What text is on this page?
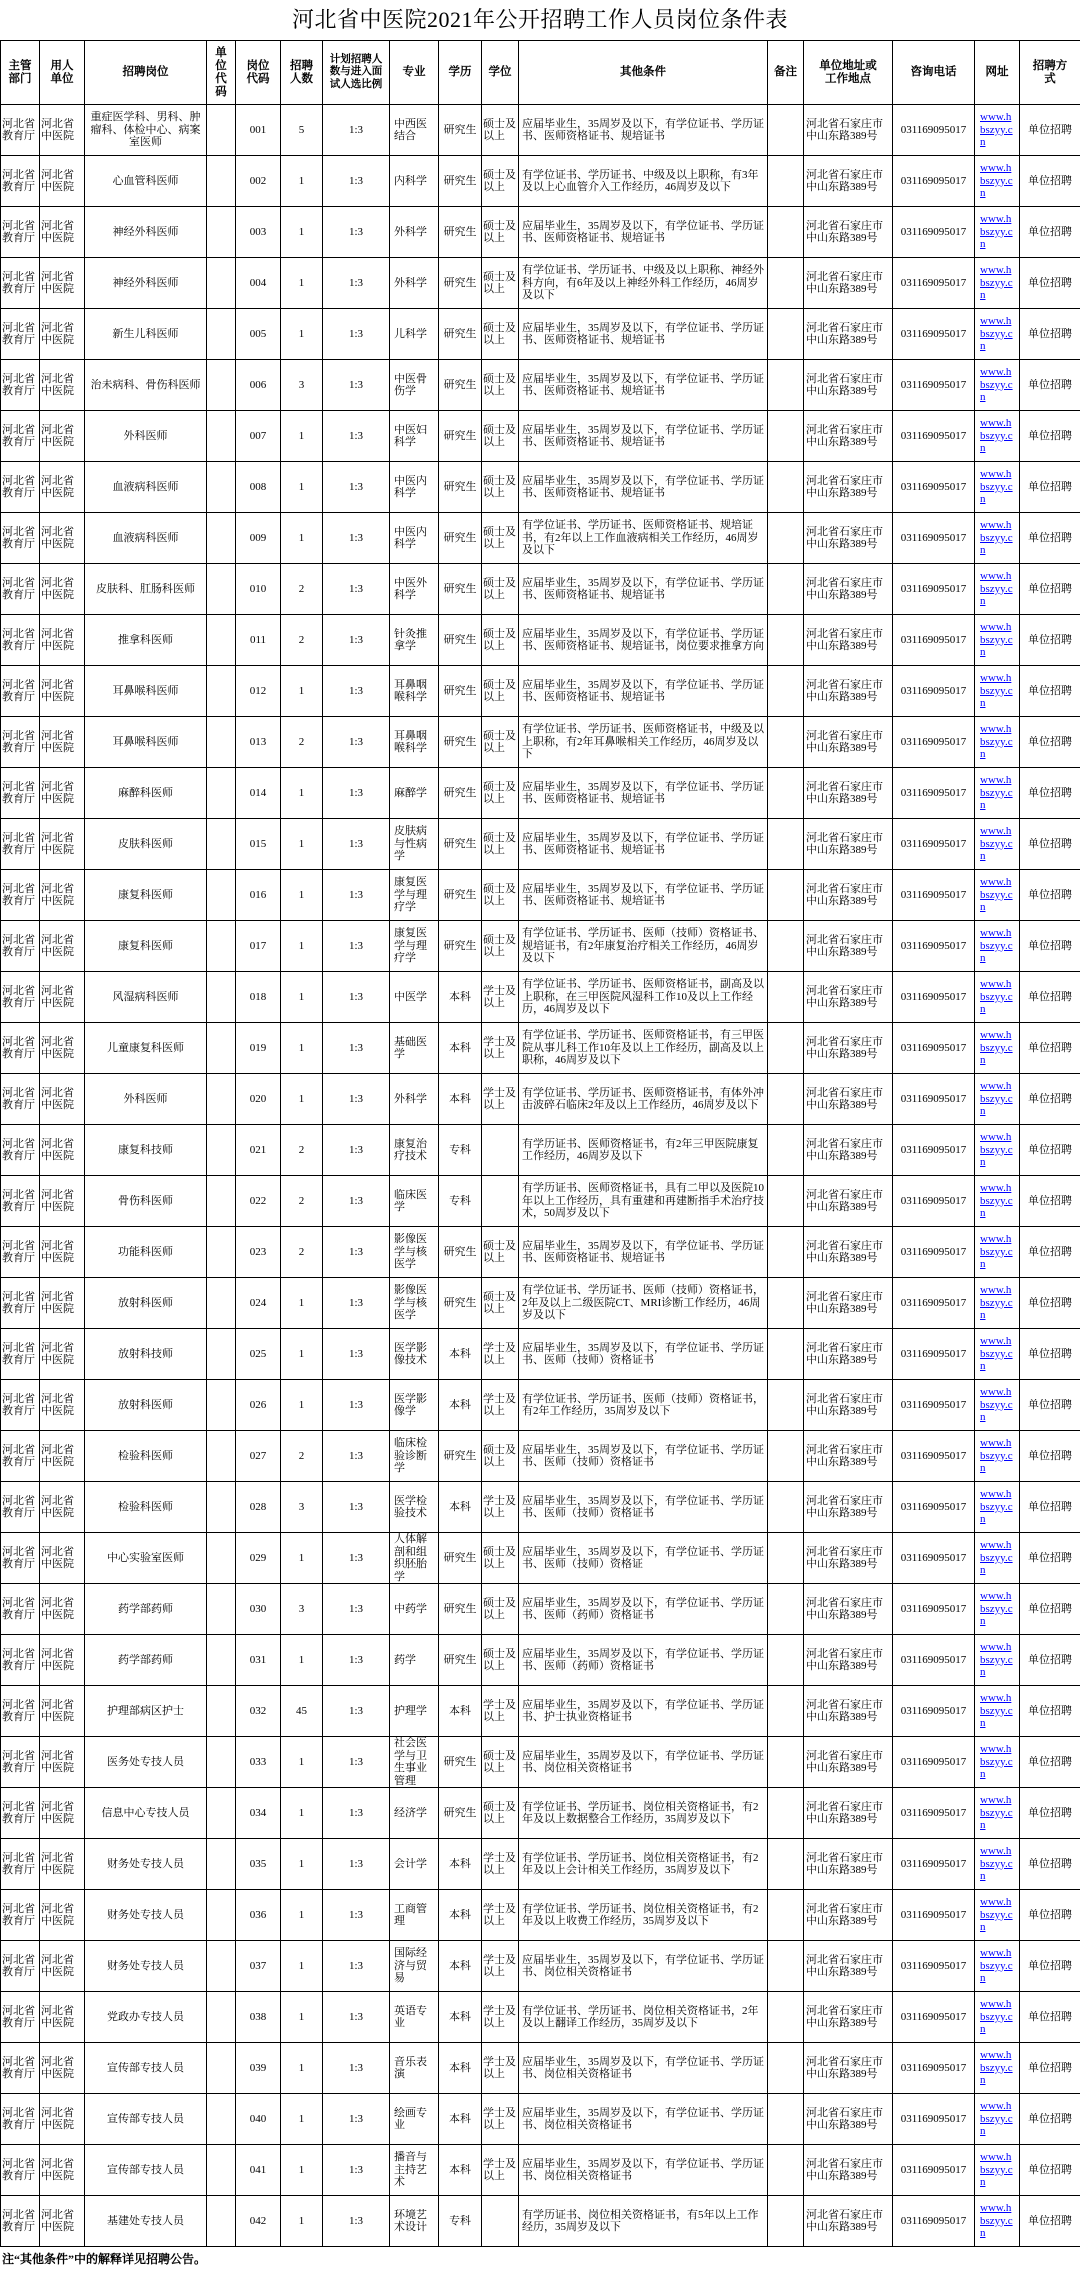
河北省中医院2021年公开招聘工作人员岗位条件表
主管部门	用人单位	招聘岗位	单位代码	岗位代码	招聘人数	计划招聘人数与进入面试人选比例	专业	学历	学位	其他条件	备注	单位地址或工作地点	咨询电话	网址	招聘方式

河北省教育厅	河北省中医院	重症医学科、男科、肿瘤科、体检中心、病案室医师		001	5	1:3	中西医结合	研究生	硕士及以上	应届毕业生，35周岁及以下，有学位证书、学历证书、医师资格证书、规培证书		河北省石家庄市中山东路389号	031169095017	www.hbszyy.cn	单位招聘

河北省教育厅	河北省中医院	心血管科医师		002	1	1:3	内科学	研究生	硕士及以上	有学位证书、学历证书、中级及以上职称，有3年及以上心血管介入工作经历，46周岁及以下		河北省石家庄市中山东路389号	031169095017	www.hbszyy.cn	单位招聘

河北省教育厅	河北省中医院	神经外科医师		003	1	1:3	外科学	研究生	硕士及以上	应届毕业生，35周岁及以下，有学位证书、学历证书、医师资格证书、规培证书		河北省石家庄市中山东路389号	031169095017	www.hbszyy.cn	单位招聘

河北省教育厅	河北省中医院	神经外科医师		004	1	1:3	外科学	研究生	硕士及以上	有学位证书、学历证书、中级及以上职称、神经外科方向，有6年及以上神经外科工作经历，46周岁及以下		河北省石家庄市中山东路389号	031169095017	www.hbszyy.cn	单位招聘

河北省教育厅	河北省中医院	新生儿科医师		005	1	1:3	儿科学	研究生	硕士及以上	应届毕业生，35周岁及以下，有学位证书、学历证书、医师资格证书、规培证书		河北省石家庄市中山东路389号	031169095017	www.hbszyy.cn	单位招聘

河北省教育厅	河北省中医院	治未病科、骨伤科医师		006	3	1:3	中医骨伤学	研究生	硕士及以上	应届毕业生，35周岁及以下，有学位证书、学历证书、医师资格证书、规培证书		河北省石家庄市中山东路389号	031169095017	www.hbszyy.cn	单位招聘

河北省教育厅	河北省中医院	外科医师		007	1	1:3	中医妇科学	研究生	硕士及以上	应届毕业生，35周岁及以下，有学位证书、学历证书、医师资格证书、规培证书		河北省石家庄市中山东路389号	031169095017	www.hbszyy.cn	单位招聘

河北省教育厅	河北省中医院	血液病科医师		008	1	1:3	中医内科学	研究生	硕士及以上	应届毕业生，35周岁及以下，有学位证书、学历证书、医师资格证书、规培证书		河北省石家庄市中山东路389号	031169095017	www.hbszyy.cn	单位招聘

河北省教育厅	河北省中医院	血液病科医师		009	1	1:3	中医内科学	研究生	硕士及以上	有学位证书、学历证书、医师资格证书、规培证书，有2年以上工作血液病相关工作经历，46周岁及以下		河北省石家庄市中山东路389号	031169095017	www.hbszyy.cn	单位招聘

河北省教育厅	河北省中医院	皮肤科、肛肠科医师		010	2	1:3	中医外科学	研究生	硕士及以上	应届毕业生，35周岁及以下，有学位证书、学历证书、医师资格证书、规培证书		河北省石家庄市中山东路389号	031169095017	www.hbszyy.cn	单位招聘

河北省教育厅	河北省中医院	推拿科医师		011	2	1:3	针灸推拿学	研究生	硕士及以上	应届毕业生，35周岁及以下，有学位证书、学历证书、医师资格证书、规培证书，岗位要求推拿方向		河北省石家庄市中山东路389号	031169095017	www.hbszyy.cn	单位招聘

河北省教育厅	河北省中医院	耳鼻喉科医师		012	1	1:3	耳鼻咽喉科学	研究生	硕士及以上	应届毕业生，35周岁及以下，有学位证书、学历证书、医师资格证书、规培证书		河北省石家庄市中山东路389号	031169095017	www.hbszyy.cn	单位招聘

河北省教育厅	河北省中医院	耳鼻喉科医师		013	2	1:3	耳鼻咽喉科学	研究生	硕士及以上	有学位证书、学历证书、医师资格证书，中级及以上职称，有2年耳鼻喉相关工作经历，46周岁及以下		河北省石家庄市中山东路389号	031169095017	www.hbszyy.cn	单位招聘

河北省教育厅	河北省中医院	麻醉科医师		014	1	1:3	麻醉学	研究生	硕士及以上	应届毕业生，35周岁及以下，有学位证书、学历证书、医师资格证书、规培证书		河北省石家庄市中山东路389号	031169095017	www.hbszyy.cn	单位招聘

河北省教育厅	河北省中医院	皮肤科医师		015	1	1:3	皮肤病与性病学	研究生	硕士及以上	应届毕业生，35周岁及以下，有学位证书、学历证书、医师资格证书、规培证书		河北省石家庄市中山东路389号	031169095017	www.hbszyy.cn	单位招聘

河北省教育厅	河北省中医院	康复科医师		016	1	1:3	康复医学与理疗学	研究生	硕士及以上	应届毕业生，35周岁及以下，有学位证书、学历证书、医师资格证书、规培证书		河北省石家庄市中山东路389号	031169095017	www.hbszyy.cn	单位招聘

河北省教育厅	河北省中医院	康复科医师		017	1	1:3	康复医学与理疗学	研究生	硕士及以上	有学位证书、学历证书、医师（技师）资格证书、规培证书，有2年康复治疗相关工作经历，46周岁及以下		河北省石家庄市中山东路389号	031169095017	www.hbszyy.cn	单位招聘

河北省教育厅	河北省中医院	风湿病科医师		018	1	1:3	中医学	本科	学士及以上	有学位证书、学历证书、医师资格证书，副高及以上职称，在三甲医院风湿科工作10及以上工作经历，46周岁及以下		河北省石家庄市中山东路389号	031169095017	www.hbszyy.cn	单位招聘

河北省教育厅	河北省中医院	儿童康复科医师		019	1	1:3	基础医学	本科	学士及以上	有学位证书、学历证书、医师资格证书，有三甲医院从事儿科工作10年及以上工作经历，副高及以上职称，46周岁及以下		河北省石家庄市中山东路389号	031169095017	www.hbszyy.cn	单位招聘

河北省教育厅	河北省中医院	外科医师		020	1	1:3	外科学	本科	学士及以上	有学位证书、学历证书、医师资格证书，有体外冲击波碎石临床2年及以上工作经历，46周岁及以下		河北省石家庄市中山东路389号	031169095017	www.hbszyy.cn	单位招聘

河北省教育厅	河北省中医院	康复科技师		021	2	1:3	康复治疗技术	专科		有学历证书、医师资格证书，有2年三甲医院康复工作经历，46周岁及以下		河北省石家庄市中山东路389号	031169095017	www.hbszyy.cn	单位招聘

河北省教育厅	河北省中医院	骨伤科医师		022	2	1:3	临床医学	专科		有学历证书、医师资格证书，具有二甲以及医院10年以上工作经历，具有重建和再建断指手术治疗技术，50周岁及以下		河北省石家庄市中山东路389号	031169095017	www.hbszyy.cn	单位招聘

河北省教育厅	河北省中医院	功能科医师		023	2	1:3	影像医学与核医学	研究生	硕士及以上	应届毕业生，35周岁及以下，有学位证书、学历证书、医师资格证书、规培证书		河北省石家庄市中山东路389号	031169095017	www.hbszyy.cn	单位招聘

河北省教育厅	河北省中医院	放射科医师		024	1	1:3	影像医学与核医学	研究生	硕士及以上	有学位证书、学历证书、医师（技师）资格证书，2年及以上二级医院CT、MRI诊断工作经历，46周岁及以下		河北省石家庄市中山东路389号	031169095017	www.hbszyy.cn	单位招聘

河北省教育厅	河北省中医院	放射科技师		025	1	1:3	医学影像技术	本科	学士及以上	应届毕业生，35周岁及以下，有学位证书、学历证书、医师（技师）资格证书		河北省石家庄市中山东路389号	031169095017	www.hbszyy.cn	单位招聘

河北省教育厅	河北省中医院	放射科医师		026	1	1:3	医学影像学	本科	学士及以上	有学位证书、学历证书、医师（技师）资格证书，有2年工作经历，35周岁及以下		河北省石家庄市中山东路389号	031169095017	www.hbszyy.cn	单位招聘

河北省教育厅	河北省中医院	检验科医师		027	2	1:3	临床检验诊断学	研究生	硕士及以上	应届毕业生，35周岁及以下，有学位证书、学历证书、医师（技师）资格证书		河北省石家庄市中山东路389号	031169095017	www.hbszyy.cn	单位招聘

河北省教育厅	河北省中医院	检验科医师		028	3	1:3	医学检验技术	本科	学士及以上	应届毕业生，35周岁及以下，有学位证书、学历证书、医师（技师）资格证书		河北省石家庄市中山东路389号	031169095017	www.hbszyy.cn	单位招聘

河北省教育厅	河北省中医院	中心实验室医师		029	1	1:3	人体解剖和组织胚胎学	研究生	硕士及以上	应届毕业生，35周岁及以下，有学位证书、学历证书、医师（技师）资格证		河北省石家庄市中山东路389号	031169095017	www.hbszyy.cn	单位招聘

河北省教育厅	河北省中医院	药学部药师		030	3	1:3	中药学	研究生	硕士及以上	应届毕业生，35周岁及以下，有学位证书、学历证书、医师（药师）资格证书		河北省石家庄市中山东路389号	031169095017	www.hbszyy.cn	单位招聘

河北省教育厅	河北省中医院	药学部药师		031	1	1:3	药学	研究生	硕士及以上	应届毕业生，35周岁及以下，有学位证书、学历证书、医师（药师）资格证书		河北省石家庄市中山东路389号	031169095017	www.hbszyy.cn	单位招聘

河北省教育厅	河北省中医院	护理部病区护士		032	45	1:3	护理学	本科	学士及以上	应届毕业生，35周岁及以下，有学位证书、学历证书、护士执业资格证书		河北省石家庄市中山东路389号	031169095017	www.hbszyy.cn	单位招聘

河北省教育厅	河北省中医院	医务处专技人员		033	1	1:3	社会医学与卫生事业管理	研究生	硕士及以上	应届毕业生，35周岁及以下，有学位证书、学历证书、岗位相关资格证书		河北省石家庄市中山东路389号	031169095017	www.hbszyy.cn	单位招聘

河北省教育厅	河北省中医院	信息中心专技人员		034	1	1:3	经济学	研究生	硕士及以上	有学位证书、学历证书、岗位相关资格证书，有2年及以上数据整合工作经历，35周岁及以下		河北省石家庄市中山东路389号	031169095017	www.hbszyy.cn	单位招聘

河北省教育厅	河北省中医院	财务处专技人员		035	1	1:3	会计学	本科	学士及以上	有学位证书、学历证书、岗位相关资格证书，有2年及以上会计相关工作经历，35周岁及以下		河北省石家庄市中山东路389号	031169095017	www.hbszyy.cn	单位招聘

河北省教育厅	河北省中医院	财务处专技人员		036	1	1:3	工商管理	本科	学士及以上	有学位证书、学历证书、岗位相关资格证书，有2年及以上收费工作经历，35周岁及以下		河北省石家庄市中山东路389号	031169095017	www.hbszyy.cn	单位招聘

河北省教育厅	河北省中医院	财务处专技人员		037	1	1:3	国际经济与贸易	本科	学士及以上	应届毕业生，35周岁及以下，有学位证书、学历证书、岗位相关资格证书		河北省石家庄市中山东路389号	031169095017	www.hbszyy.cn	单位招聘

河北省教育厅	河北省中医院	党政办专技人员		038	1	1:3	英语专业	本科	学士及以上	有学位证书、学历证书、岗位相关资格证书，2年及以上翻译工作经历，35周岁及以下		河北省石家庄市中山东路389号	031169095017	www.hbszyy.cn	单位招聘

河北省教育厅	河北省中医院	宣传部专技人员		039	1	1:3	音乐表演	本科	学士及以上	应届毕业生，35周岁及以下，有学位证书、学历证书、岗位相关资格证书		河北省石家庄市中山东路389号	031169095017	www.hbszyy.cn	单位招聘

河北省教育厅	河北省中医院	宣传部专技人员		040	1	1:3	绘画专业	本科	学士及以上	应届毕业生，35周岁及以下，有学位证书、学历证书、岗位相关资格证书		河北省石家庄市中山东路389号	031169095017	www.hbszyy.cn	单位招聘

河北省教育厅	河北省中医院	宣传部专技人员		041	1	1:3	播音与主持艺术	本科	学士及以上	应届毕业生，35周岁及以下，有学位证书、学历证书、岗位相关资格证书		河北省石家庄市中山东路389号	031169095017	www.hbszyy.cn	单位招聘

河北省教育厅	河北省中医院	基建处专技人员		042	1	1:3	环境艺术设计	专科		有学历证书、岗位相关资格证书，有5年以上工作经历，35周岁及以下		河北省石家庄市中山东路389号	031169095017	www.hbszyy.cn	单位招聘
注“其他条件”中的解释详见招聘公告。
